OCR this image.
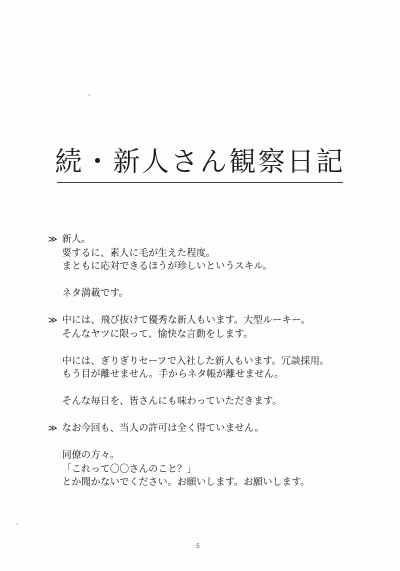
続・新人さん観察日記
≫ 新人。
要するに、素人に毛が生えた程度。
まともに応対できるほうが珍しいというスキル。
ネタ満載です。
≫ 中には、飛び抜けて優秀な新人もいます。大型ルーキー。
そんなヤツに限って、愉快な言動をします。
中には、ぎりぎりセーフで入社した新人もいます。冗談採用。
もう目が離せません。手からネタ帳が離せません。
そんな毎日を、皆さんにも味わっていただきます。
≫ なお今回も、当人の許可は全く得ていません。
同僚の方々。
「これって〇〇さんのこと？」
とか聞かないでください。お願いします。お願いします。
5
